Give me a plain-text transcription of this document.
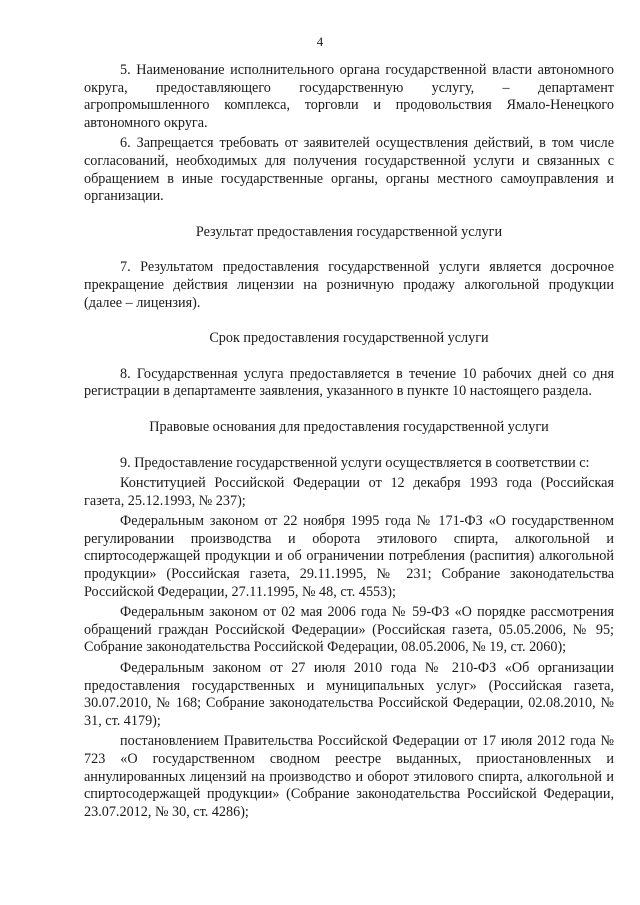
4

5. Наименование исполнительного органа государственной власти автономного округа, предоставляющего государственную услугу, – департамент агропромышленного комплекса, торговли и продовольствия Ямало-Ненецкого автономного округа.

6. Запрещается требовать от заявителей осуществления действий, в том числе согласований, необходимых для получения государственной услуги и связанных с обращением в иные государственные органы, органы местного самоуправления и организации.

Результат предоставления государственной услуги

7. Результатом предоставления государственной услуги является досрочное прекращение действия лицензии на розничную продажу алкогольной продукции (далее – лицензия).

Срок предоставления государственной услуги

8. Государственная услуга предоставляется в течение 10 рабочих дней со дня регистрации в департаменте заявления, указанного в пункте 10 настоящего раздела.

Правовые основания для предоставления государственной услуги

9. Предоставление государственной услуги осуществляется в соответствии с:

Конституцией Российской Федерации от 12 декабря 1993 года (Российская газета, 25.12.1993, № 237);

Федеральным законом от 22 ноября 1995 года № 171-ФЗ «О государственном регулировании производства и оборота этилового спирта, алкогольной и спиртосодержащей продукции и об ограничении потребления (распития) алкогольной продукции» (Российская газета, 29.11.1995, № 231; Собрание законодательства Российской Федерации, 27.11.1995, № 48, ст. 4553);

Федеральным законом от 02 мая 2006 года № 59-ФЗ «О порядке рассмотрения обращений граждан Российской Федерации» (Российская газета, 05.05.2006, № 95; Собрание законодательства Российской Федерации, 08.05.2006, № 19, ст. 2060);

Федеральным законом от 27 июля 2010 года № 210-ФЗ «Об организации предоставления государственных и муниципальных услуг» (Российская газета, 30.07.2010, № 168; Собрание законодательства Российской Федерации, 02.08.2010, № 31, ст. 4179);

постановлением Правительства Российской Федерации от 17 июля 2012 года № 723 «О государственном сводном реестре выданных, приостановленных и аннулированных лицензий на производство и оборот этилового спирта, алкогольной и спиртосодержащей продукции» (Собрание законодательства Российской Федерации, 23.07.2012, № 30, ст. 4286);
